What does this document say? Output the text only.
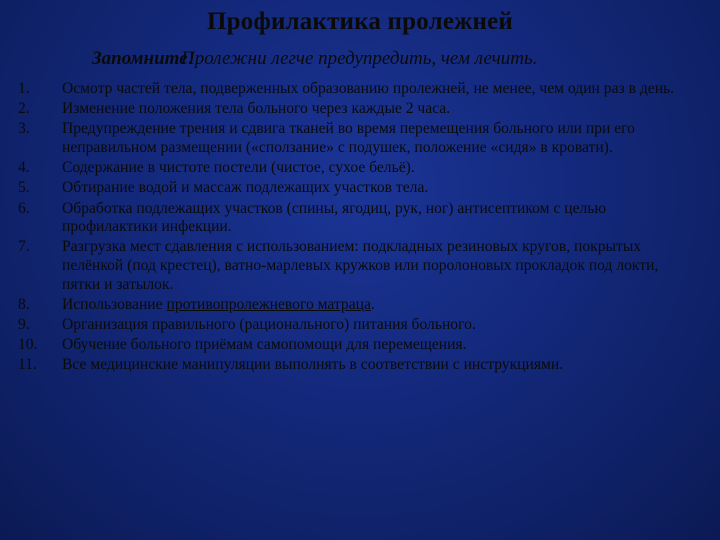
Профилактика пролежней
Запомните!Пролежни легче предупредить, чем лечить.
1.	Осмотр частей тела, подверженных образованию пролежней, не менее, чем один раз в день.
2.	Изменение положения тела больного через каждые 2 часа.
3.	Предупреждение трения и сдвига тканей во время перемещения больного или при его неправильном размещении («сползание» с подушек, положение «сидя» в кровати).
4.	Содержание в чистоте постели (чистое, сухое бельё).
5.	Обтирание водой и массаж подлежащих участков тела.
6.	Обработка подлежащих участков (спины, ягодиц, рук, ног) антисептиком с целью профилактики инфекции.
7.	Разгрузка мест сдавления с использованием: подкладных резиновых кругов, покрытых пелёнкой (под крестец), ватно-марлевых кружков или поролоновых прокладок под локти, пятки и затылок.
8.	Использование противопролежневого матраца.
9.	Организация правильного (рационального) питания больного.
10.	Обучение больного приёмам самопомощи для перемещения.
11.	Все медицинские манипуляции выполнять в соответствии с инструкциями.
